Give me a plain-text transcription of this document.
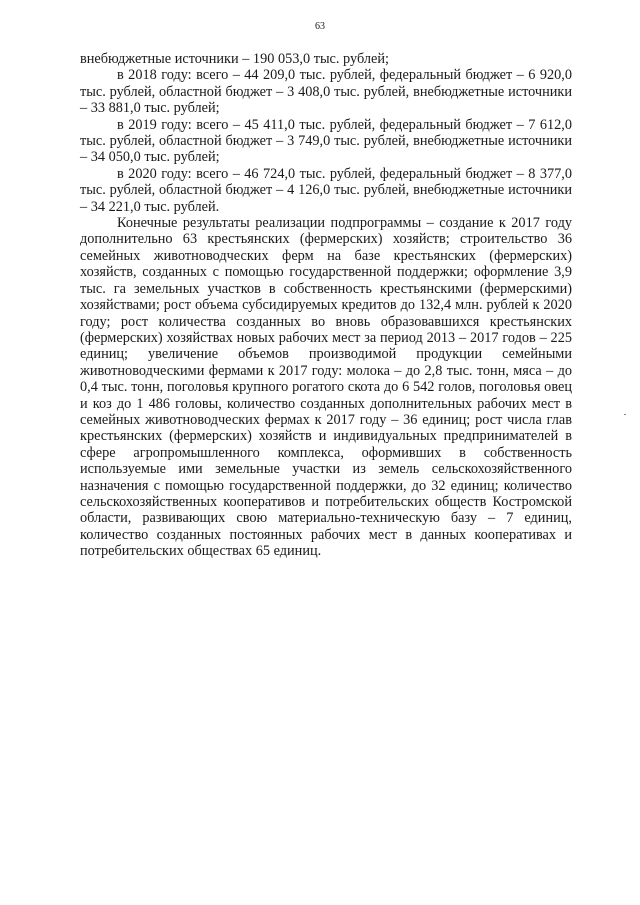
63

внебюджетные источники – 190 053,0 тыс. рублей;

в 2018 году: всего – 44 209,0 тыс. рублей, федеральный бюджет – 6 920,0 тыс. рублей, областной бюджет – 3 408,0 тыс. рублей, внебюджетные источники – 33 881,0 тыс. рублей;

в 2019 году: всего – 45 411,0 тыс. рублей, федеральный бюджет – 7 612,0 тыс. рублей, областной бюджет – 3 749,0 тыс. рублей, внебюджетные источники – 34 050,0 тыс. рублей;

в 2020 году: всего – 46 724,0 тыс. рублей, федеральный бюджет – 8 377,0 тыс. рублей, областной бюджет – 4 126,0 тыс. рублей, внебюджетные источники – 34 221,0 тыс. рублей.

Конечные результаты реализации подпрограммы – создание к 2017 году дополнительно 63 крестьянских (фермерских) хозяйств; строительство 36 семейных животноводческих ферм на базе крестьянских (фермерских) хозяйств, созданных с помощью государственной поддержки; оформление 3,9 тыс. га земельных участков в собственность крестьянскими (фермерскими) хозяйствами; рост объема субсидируемых кредитов до 132,4 млн. рублей к 2020 году; рост количества созданных во вновь образовавшихся крестьянских (фермерских) хозяйствах новых рабочих мест за период 2013 – 2017 годов – 225 единиц; увеличение объемов производимой продукции семейными животноводческими фермами к 2017 году: молока – до 2,8 тыс. тонн, мяса – до 0,4 тыс. тонн, поголовья крупного рогатого скота до 6 542 голов, поголовья овец и коз до 1 486 головы, количество созданных дополнительных рабочих мест в семейных животноводческих фермах к 2017 году – 36 единиц; рост числа глав крестьянских (фермерских) хозяйств и индивидуальных предпринимателей в сфере агропромышленного комплекса, оформивших в собственность используемые ими земельные участки из земель сельскохозяйственного назначения с помощью государственной поддержки, до 32 единиц; количество сельскохозяйственных кооперативов и потребительских обществ Костромской области, развивающих свою материально-техническую базу – 7 единиц, количество созданных постоянных рабочих мест в данных кооперативах и потребительских обществах 65 единиц.
